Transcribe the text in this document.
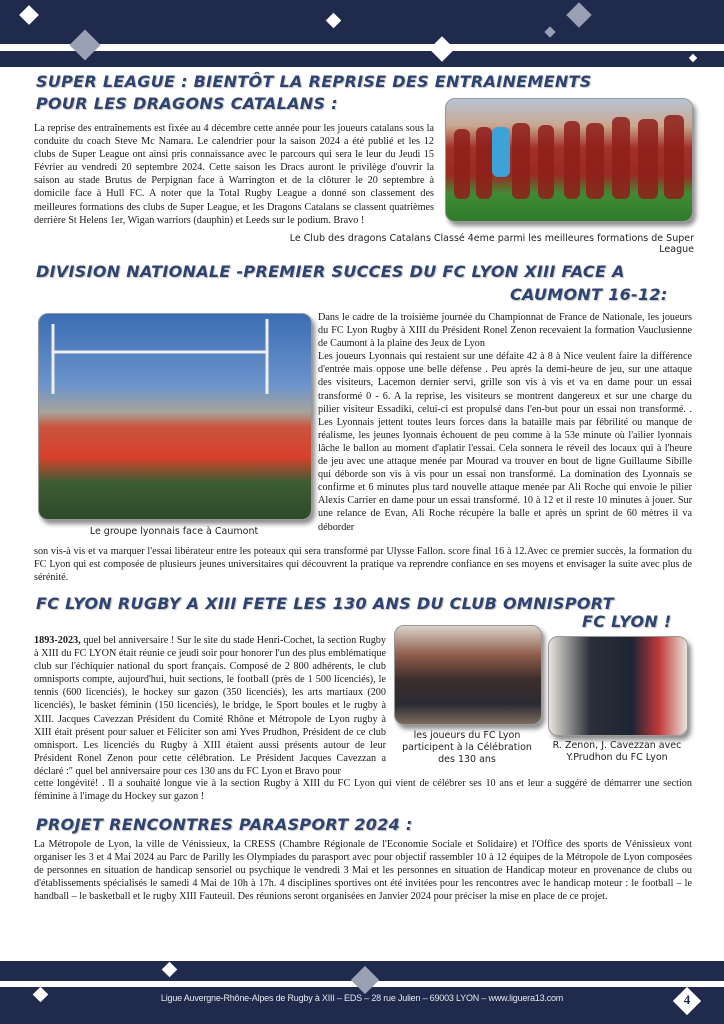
SUPER LEAGUE : BIENTÔT LA REPRISE DES ENTRAINEMENTS
POUR LES DRAGONS CATALANS :
La reprise des entraînements est fixée au 4 décembre cette année pour les joueurs catalans sous la conduite du coach Steve Mc Namara. Le calendrier pour la saison 2024 a été publié et les 12 clubs de Super League ont ainsi pris connaissance avec le parcours qui sera le leur du Jeudi 15 Février au vendredi 20 septembre 2024. Cette saison les Dracs auront le privilège d'ouvrir la saison au stade Brutus de Perpignan face à Warrington et de la clôturer le 20 septembre à domicile face à Hull FC. A noter que la Total Rugby League a donné son classement des meilleures formations des clubs de Super League, et les Dragons Catalans se classent quatrièmes derrière St Helens 1er, Wigan warriors (dauphin) et Leeds sur le podium. Bravo !
Le Club des dragons Catalans Classé 4eme parmi les meilleures formations de Super League
DIVISION NATIONALE -PREMIER SUCCES DU FC LYON XIII FACE A
CAUMONT 16-12:
Le groupe lyonnais face à Caumont
Dans le cadre de la troisième journée du Championnat de France de Nationale, les joueurs du FC Lyon Rugby à XIII du Président Ronel Zenon recevaient la formation Vauclusienne de Caumont à la plaine des Jeux de Lyon
Les joueurs Lyonnais qui restaient sur une défaite 42 à 8 à Nice veulent faire la différence d'entrée mais oppose une belle défense . Peu après la demi-heure de jeu, sur une attaque des visiteurs, Lacemon dernier servi, grille son vis à vis et va en dame pour un essai transformé 0 - 6. A la reprise, les visiteurs se montrent dangereux et sur une charge du pilier visiteur Essadiki, celui-ci est propulsé dans l'en-but pour un essai non transformé. . Les Lyonnais jettent toutes leurs forces dans la bataille mais par fébrilité ou manque de réalisme, les jeunes lyonnais échouent de peu comme à la 53e minute où l'ailier lyonnais lâche le ballon au moment d'aplatir l'essai. Cela sonnera le réveil des locaux qui à l'heure de jeu avec une attaque menée par Mourad va trouver en bout de ligne Guillaume Sibille qui déborde son vis à vis pour un essai non transformé. La domination des Lyonnais se confirme et 6 minutes plus tard nouvelle attaque menée par Ali Roche qui envoie le pilier Alexis Carrier en dame pour un essai transformé. 10 à 12 et il reste 10 minutes à jouer. Sur une relance de Evan, Ali Roche récupère la balle et après un sprint de 60 mètres il va déborder
son vis-à vis et va marquer l'essai libérateur entre les poteaux qui sera transformé par Ulysse Fallon. score final 16 à 12.Avec ce premier succès, la formation du FC Lyon qui est composée de plusieurs jeunes universitaires qui découvrent la pratique va reprendre confiance en ses moyens et envisager la suite avec plus de sérénité.
FC LYON RUGBY A XIII FETE LES 130 ANS DU CLUB OMNISPORT
FC LYON !
1893-2023, quel bel anniversaire ! Sur le site du stade Henri-Cochet, la section Rugby à XIII du FC LYON était réunie ce jeudi soir pour honorer l'un des plus emblématique club sur l'échiquier national du sport français. Composé de 2 800 adhérents, le club omnisports compte, aujourd'hui, huit sections, le football (près de 1 500 licenciés), le tennis (600 licenciés), le hockey sur gazon (350 licenciés), les arts martiaux (200 licenciés), le basket féminin (150 licenciés), le bridge, le Sport boules et le rugby à XIII. Jacques Cavezzan Président du Comité Rhône et Métropole de Lyon rugby à XIII était présent pour saluer et Féliciter son ami Yves Prudhon, Président de ce club omnisport. Les licenciés du Rugby à XIII étaient aussi présents autour de leur Président Ronel Zenon pour cette célébration. Le Président Jacques Cavezzan a déclaré :" quel bel anniversaire pour ces 130 ans du FC Lyon et Bravo pour
les joueurs du FC Lyon participent à la Célébration des 130 ans
R. Zenon, J. Cavezzan avec Y.Prudhon du FC Lyon
cette longévité! . Il a souhaité longue vie à la section Rugby à XIII du FC Lyon qui vient de célébrer ses 10 ans et leur a suggéré de démarrer une section féminine à l'image du Hockey sur gazon !
PROJET RENCONTRES PARASPORT 2024 :
La Métropole de Lyon, la ville de Vénissieux, la CRESS (Chambre Régionale de l'Economie Sociale et Solidaire) et l'Office des sports de Vénissieux vont organiser les 3 et 4 Mai 2024 au Parc de Parilly les Olympiades du parasport avec pour objectif rassembler 10 à 12 équipes de la Métropole de Lyon composées de personnes en situation de handicap sensoriel ou psychique le vendredi 3 Mai et les personnes en situation de Handicap moteur en provenance de clubs ou d'établissements spécialisés le samedi 4 Mai de 10h à 17h. 4 disciplines sportives ont été invitées pour les rencontres avec le handicap moteur : le football – le handball – le basketball et le rugby XIII Fauteuil. Des réunions seront organisées en Janvier 2024 pour préciser la mise en place de ce projet.
Ligue Auvergne-Rhône-Alpes de Rugby à XIII – EDS – 28 rue Julien – 69003 LYON – www.liguera13.com	4
